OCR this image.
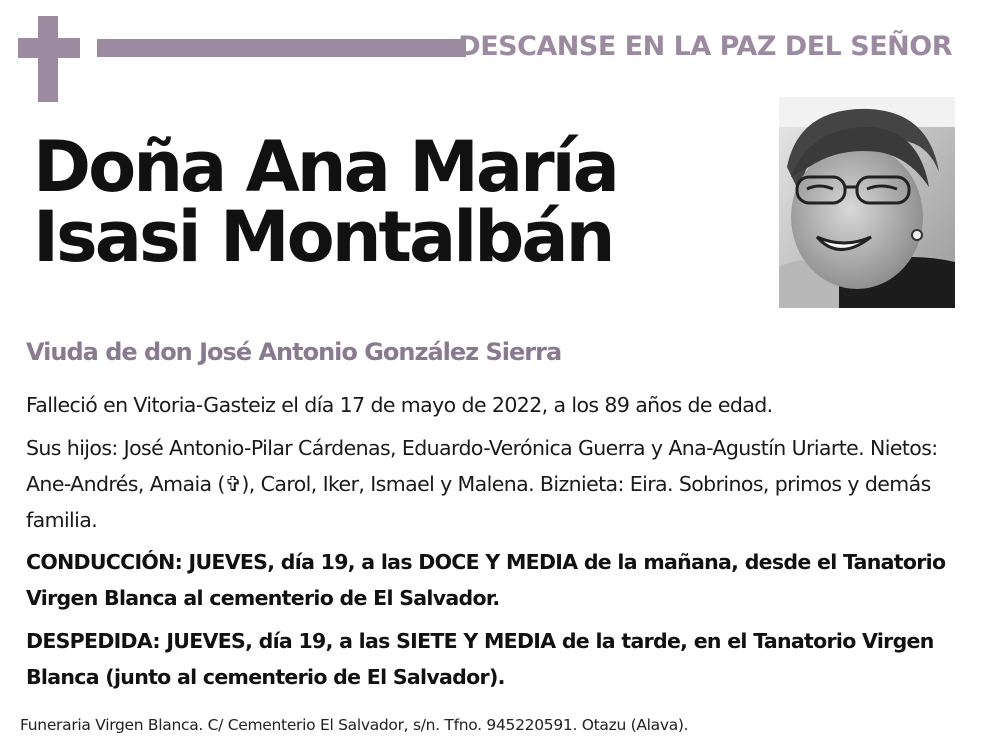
DESCANSE EN LA PAZ DEL SEÑOR
Doña Ana María
Isasi Montalbán
Viuda de don José Antonio González Sierra
Falleció en Vitoria-Gasteiz el día 17 de mayo de 2022, a los 89 años de edad.
Sus hijos: José Antonio-Pilar Cárdenas, Eduardo-Verónica Guerra y Ana-Agustín Uriarte. Nietos: Ane-Andrés, Amaia (✞), Carol, Iker, Ismael y Malena. Biznieta: Eira. Sobrinos, primos y demás familia.
CONDUCCIÓN: JUEVES, día 19, a las DOCE Y MEDIA de la mañana, desde el Tanatorio Virgen Blanca al cementerio de El Salvador.
DESPEDIDA: JUEVES, día 19, a las SIETE Y MEDIA de la tarde, en el Tanatorio Virgen Blanca (junto al cementerio de El Salvador).
Funeraria Virgen Blanca. C/ Cementerio El Salvador, s/n. Tfno. 945220591. Otazu (Alava).
